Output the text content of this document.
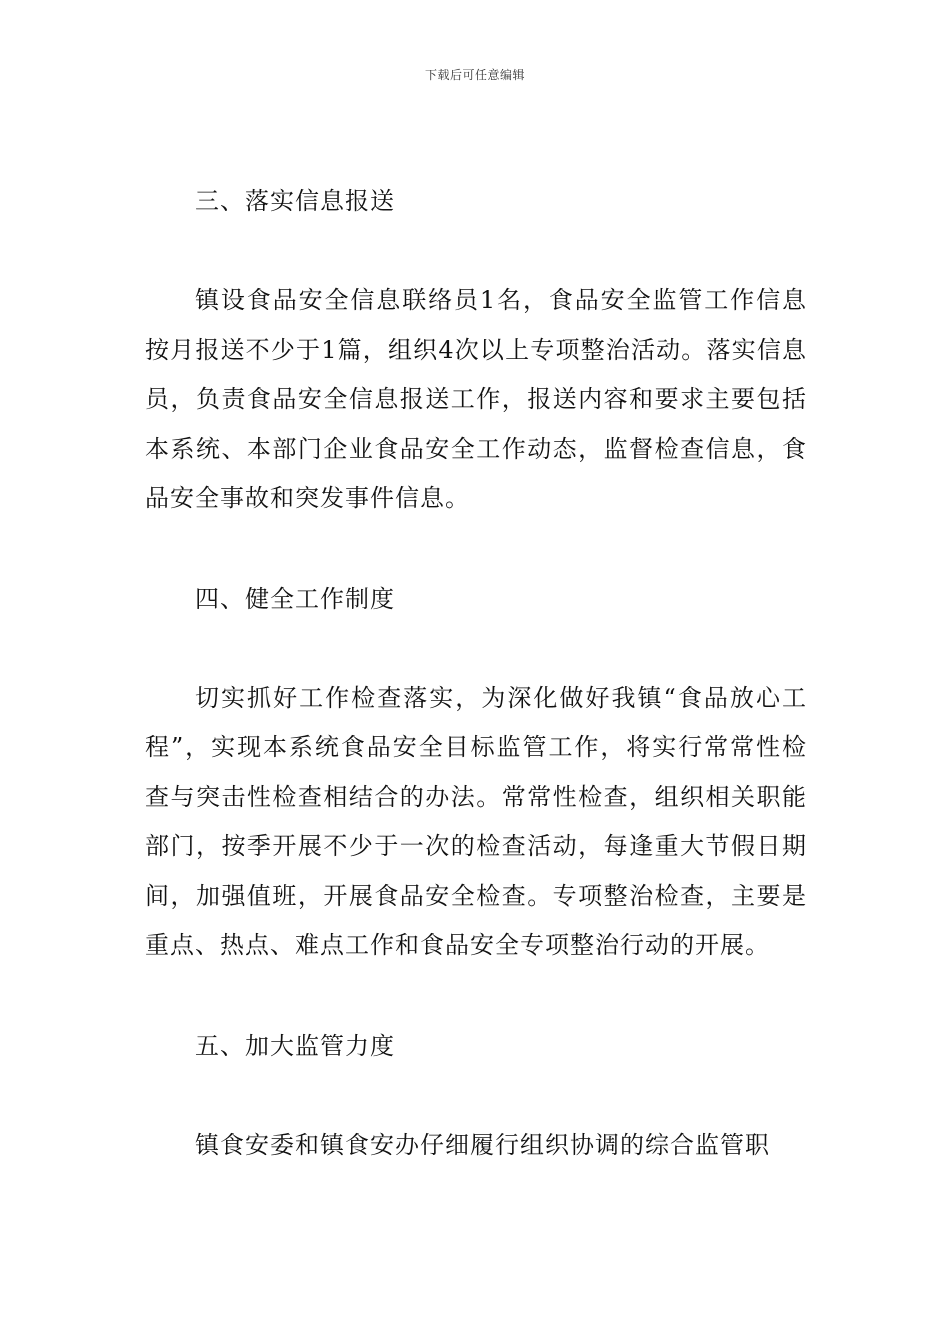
下载后可任意编辑

三、落实信息报送

镇设食品安全信息联络员1名，食品安全监管工作信息按月报送不少于1篇，组织4次以上专项整治活动。落实信息员，负责食品安全信息报送工作，报送内容和要求主要包括本系统、本部门企业食品安全工作动态，监督检查信息，食品安全事故和突发事件信息。

四、健全工作制度

切实抓好工作检查落实，为深化做好我镇“食品放心工程”，实现本系统食品安全目标监管工作，将实行常常性检查与突击性检查相结合的办法。常常性检查，组织相关职能部门，按季开展不少于一次的检查活动，每逢重大节假日期间，加强值班，开展食品安全检查。专项整治检查，主要是重点、热点、难点工作和食品安全专项整治行动的开展。

五、加大监管力度

镇食安委和镇食安办仔细履行组织协调的综合监管职
